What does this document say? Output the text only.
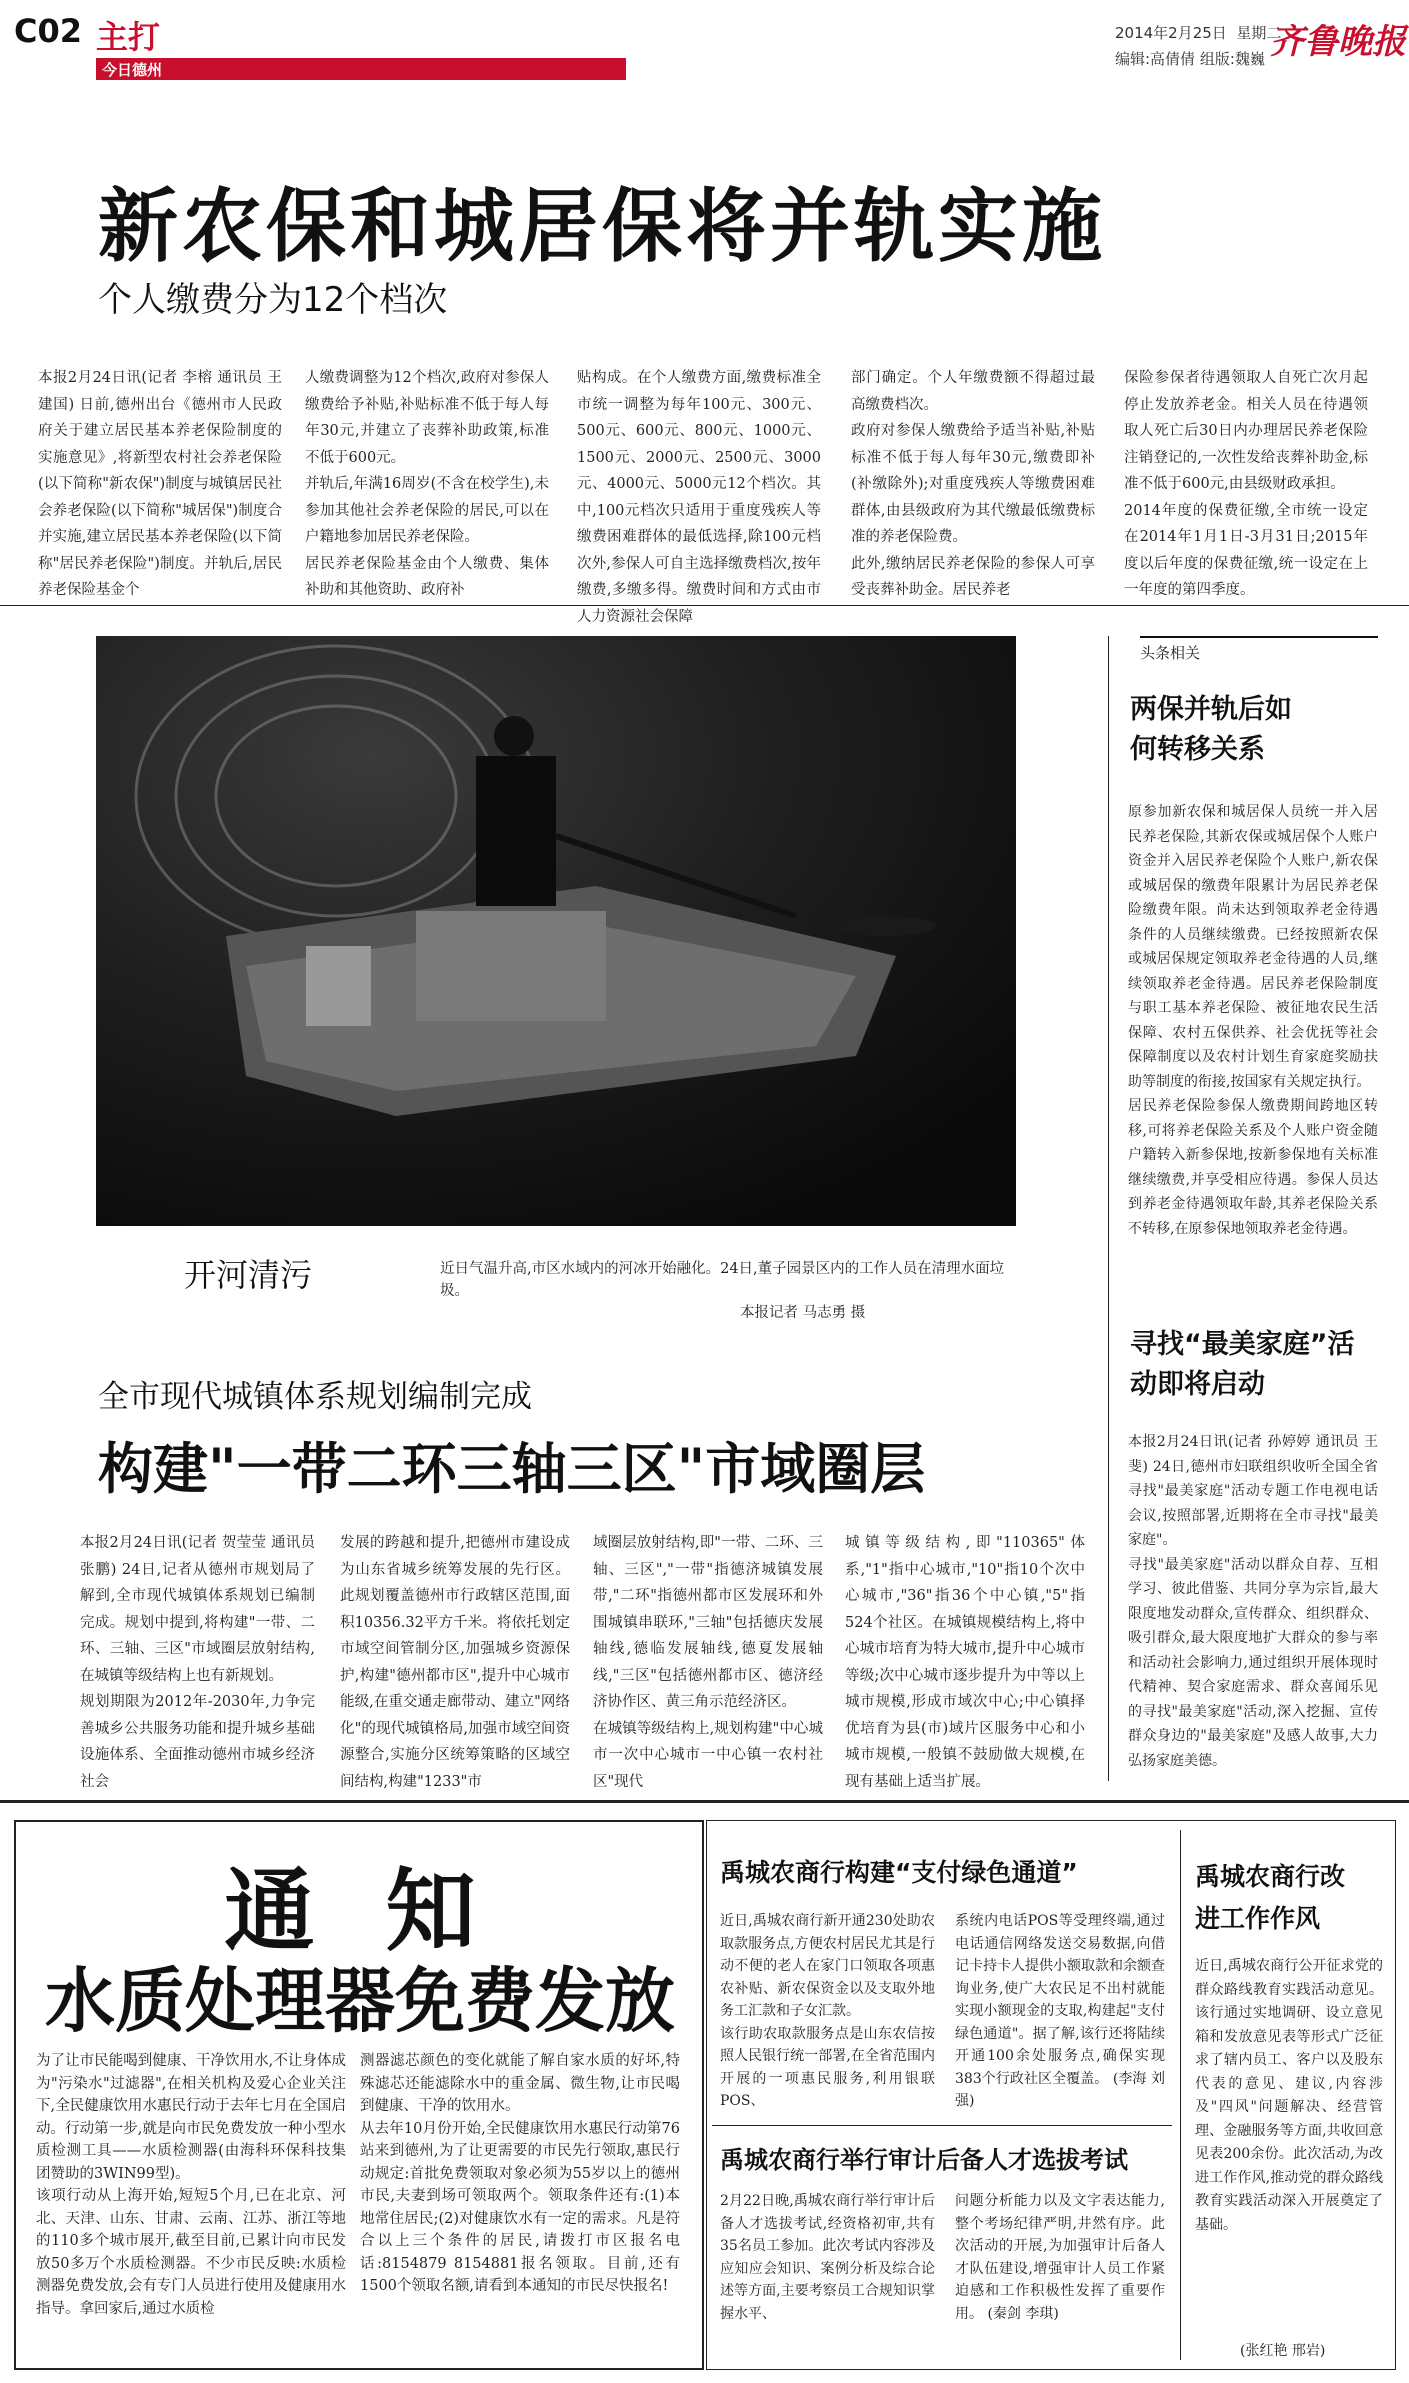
C02 主打
今日德州
2014年2月25日 星期二
编辑:高倩倩 组版:魏巍 齐鲁晚报
新农保和城居保将并轨实施
个人缴费分为12个档次
本报2月24日讯(记者 李榕 通讯员 王建国) 日前,德州出台《德州市人民政府关于建立居民基本养老保险制度的实施意见》,将新型农村社会养老保险(以下简称"新农保")制度与城镇居民社会养老保险(以下简称"城居保")制度合并实施,建立居民基本养老保险(以下简称"居民养老保险")制度。并轨后,居民养老保险基金个
人缴费调整为12个档次,政府对参保人缴费给予补贴,补贴标准不低于每人每年30元,并建立了丧葬补助政策,标准不低于600元。
并轨后,年满16周岁(不含在校学生),未参加其他社会养老保险的居民,可以在户籍地参加居民养老保险。
居民养老保险基金由个人缴费、集体补助和其他资助、政府补
贴构成。在个人缴费方面,缴费标准全市统一调整为每年100元、300元、500元、600元、800元、1000元、1500元、2000元、2500元、3000元、4000元、5000元12个档次。其中,100元档次只适用于重度残疾人等缴费困难群体的最低选择,除100元档次外,参保人可自主选择缴费档次,按年缴费,多缴多得。缴费时间和方式由市人力资源社会保障
部门确定。个人年缴费额不得超过最高缴费档次。
政府对参保人缴费给予适当补贴,补贴标准不低于每人每年30元,缴费即补(补缴除外);对重度残疾人等缴费困难群体,由县级政府为其代缴最低缴费标准的养老保险费。
此外,缴纳居民养老保险的参保人可享受丧葬补助金。居民养老
保险参保者待遇领取人自死亡次月起停止发放养老金。相关人员在待遇领取人死亡后30日内办理居民养老保险注销登记的,一次性发给丧葬补助金,标准不低于600元,由县级财政承担。
2014年度的保费征缴,全市统一设定在2014年1月1日-3月31日;2015年度以后年度的保费征缴,统一设定在上一年度的第四季度。
开河清污	近日气温升高,市区水域内的河冰开始融化。24日,董子园景区内的工作人员在清理水面垃圾。
本报记者 马志勇 摄
头条相关
两保并轨后如何转移关系
原参加新农保和城居保人员统一并入居民养老保险,其新农保或城居保个人账户资金并入居民养老保险个人账户,新农保或城居保的缴费年限累计为居民养老保险缴费年限。尚未达到领取养老金待遇条件的人员继续缴费。已经按照新农保或城居保规定领取养老金待遇的人员,继续领取养老金待遇。居民养老保险制度与职工基本养老保险、被征地农民生活保障、农村五保供养、社会优抚等社会保障制度以及农村计划生育家庭奖励扶助等制度的衔接,按国家有关规定执行。
居民养老保险参保人缴费期间跨地区转移,可将养老保险关系及个人账户资金随户籍转入新参保地,按新参保地有关标准继续缴费,并享受相应待遇。参保人员达到养老金待遇领取年龄,其养老保险关系不转移,在原参保地领取养老金待遇。
寻找“最美家庭”活动即将启动
本报2月24日讯(记者 孙婷婷 通讯员 王斐) 24日,德州市妇联组织收听全国全省寻找"最美家庭"活动专题工作电视电话会议,按照部署,近期将在全市寻找"最美家庭"。
寻找"最美家庭"活动以群众自荐、互相学习、彼此借鉴、共同分享为宗旨,最大限度地发动群众,宣传群众、组织群众、吸引群众,最大限度地扩大群众的参与率和活动社会影响力,通过组织开展体现时代精神、契合家庭需求、群众喜闻乐见的寻找"最美家庭"活动,深入挖掘、宣传群众身边的"最美家庭"及感人故事,大力弘扬家庭美德。
全市现代城镇体系规划编制完成
构建"一带二环三轴三区"市域圈层
本报2月24日讯(记者 贺莹莹 通讯员 张鹏) 24日,记者从德州市规划局了解到,全市现代城镇体系规划已编制完成。规划中提到,将构建"一带、二环、三轴、三区"市域圈层放射结构,在城镇等级结构上也有新规划。
规划期限为2012年-2030年,力争完善城乡公共服务功能和提升城乡基础设施体系、全面推动德州市城乡经济社会
发展的跨越和提升,把德州市建设成为山东省城乡统筹发展的先行区。此规划覆盖德州市行政辖区范围,面积10356.32平方千米。将依托划定市域空间管制分区,加强城乡资源保护,构建"德州都市区",提升中心城市能级,在重交通走廊带动、建立"网络化"的现代城镇格局,加强市域空间资源整合,实施分区统筹策略的区域空间结构,构建"1233"市
域圈层放射结构,即"一带、二环、三轴、三区","一带"指德济城镇发展带,"二环"指德州都市区发展环和外围城镇串联环,"三轴"包括德庆发展轴线,德临发展轴线,德夏发展轴线,"三区"包括德州都市区、德济经济协作区、黄三角示范经济区。
在城镇等级结构上,规划构建"中心城市一次中心城市一中心镇一农村社区"现代
城镇等级结构,即"110365"体系,"1"指中心城市,"10"指10个次中心城市,"36"指36个中心镇,"5"指524个社区。在城镇规模结构上,将中心城市培育为特大城市,提升中心城市等级;次中心城市逐步提升为中等以上城市规模,形成市域次中心;中心镇择优培育为县(市)域片区服务中心和小城市规模,一般镇不鼓励做大规模,在现有基础上适当扩展。
通 知
水质处理器免费发放
为了让市民能喝到健康、干净饮用水,不让身体成为"污染水"过滤器",在相关机构及爱心企业关注下,全民健康饮用水惠民行动于去年七月在全国启动。行动第一步,就是向市民免费发放一种小型水质检测工具——水质检测器(由海科环保科技集团赞助的3WIN99型)。
该项行动从上海开始,短短5个月,已在北京、河北、天津、山东、甘肃、云南、江苏、浙江等地的110多个城市展开,截至目前,已累计向市民发放50多万个水质检测器。不少市民反映:水质检测器免费发放,会有专门人员进行使用及健康用水指导。拿回家后,通过水质检
测器滤芯颜色的变化就能了解自家水质的好坏,特殊滤芯还能滤除水中的重金属、微生物,让市民喝到健康、干净的饮用水。
从去年10月份开始,全民健康饮用水惠民行动第76站来到德州,为了让更需要的市民先行领取,惠民行动规定:首批免费领取对象必须为55岁以上的德州市民,夫妻到场可领取两个。领取条件还有:(1)本地常住居民;(2)对健康饮水有一定的需求。凡是符合以上三个条件的居民,请拨打市区报名电话:8154879 8154881报名领取。目前,还有1500个领取名额,请看到本通知的市民尽快报名!
禹城农商行构建“支付绿色通道”
近日,禹城农商行新开通230处助农取款服务点,方便农村居民尤其是行动不便的老人在家门口领取各项惠农补贴、新农保资金以及支取外地务工汇款和子女汇款。
该行助农取款服务点是山东农信按照人民银行统一部署,在全省范围内开展的一项惠民服务,利用银联POS、
系统内电话POS等受理终端,通过电话通信网络发送交易数据,向借记卡持卡人提供小额取款和余额查询业务,使广大农民足不出村就能实现小额现金的支取,构建起"支付绿色通道"。据了解,该行还将陆续开通100余处服务点,确保实现383个行政社区全覆盖。 (李海 刘强)
禹城农商行举行审计后备人才选拔考试
2月22日晚,禹城农商行举行审计后备人才选拔考试,经资格初审,共有35名员工参加。此次考试内容涉及应知应会知识、案例分析及综合论述等方面,主要考察员工合规知识掌握水平、
问题分析能力以及文字表达能力,整个考场纪律严明,井然有序。此次活动的开展,为加强审计后备人才队伍建设,增强审计人员工作紧迫感和工作积极性发挥了重要作用。 (秦剑 李琪)
禹城农商行改进工作作风
近日,禹城农商行公开征求党的群众路线教育实践活动意见。该行通过实地调研、设立意见箱和发放意见表等形式广泛征求了辖内员工、客户以及股东代表的意见、建议,内容涉及"四风"问题解决、经营管理、金融服务等方面,共收回意见表200余份。此次活动,为改进工作作风,推动党的群众路线教育实践活动深入开展奠定了基础。
(张红艳 邢岩)
